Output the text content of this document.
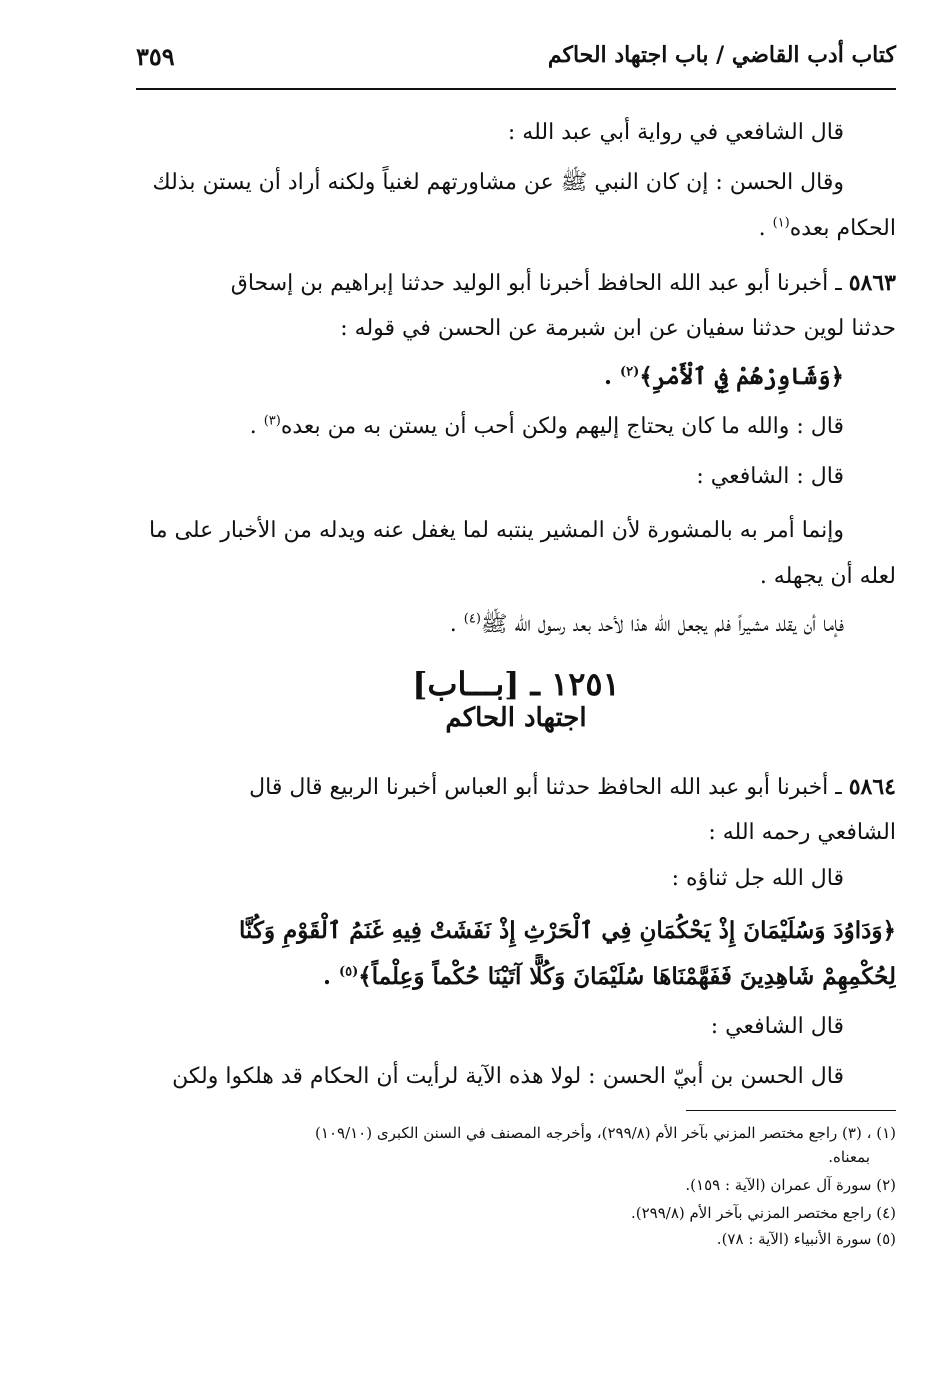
كتاب أدب القاضي / باب اجتهاد الحاكم
٣٥٩
قال الشافعي في رواية أبي عبد الله :
وقال الحسن : إن كان النبي ﷺ عن مشاورتهم لغنياً ولكنه أراد أن يستن بذلك
الحكام بعده$^{(١)}$ .
٥٨٦٣ ـ أخبرنا أبو عبد الله الحافظ أخبرنا أبو الوليد حدثنا إبراهيم بن إسحاق
حدثنا لوين حدثنا سفيان عن ابن شبرمة عن الحسن في قوله :
﴿وَشَاوِرْهُمْ فِي ٱلْأَمْرِ﴾$^{(٢)}$ .
قال : والله ما كان يحتاج إليهم ولكن أحب أن يستن به من بعده$^{(٣)}$ .
قال : الشافعي :
وإنما أمر به بالمشورة لأن المشير ينتبه لما يغفل عنه ويدله من الأخبار على ما
لعله أن يجهله .
فإما أن يقلد مشيراً فلم يجعل الله هذا لأحد بعد رسول الله ﷺ$^{(٤)}$ .
١٢٥١ ـ [بـــاب]
اجتهاد الحاكم
٥٨٦٤ ـ أخبرنا أبو عبد الله الحافظ حدثنا أبو العباس أخبرنا الربيع قال قال
الشافعي رحمه الله :
قال الله جل ثناؤه :
﴿وَدَاوُدَ وَسُلَيْمَانَ إِذْ يَحْكُمَانِ فِي ٱلْحَرْثِ إِذْ نَفَشَتْ فِيهِ غَنَمُ ٱلْقَوْمِ وَكُنَّا
لِحُكْمِهِمْ شَاهِدِينَ فَفَهَّمْنَاهَا سُلَيْمَانَ وَكُلًّا آتَيْنَا حُكْماً وَعِلْماً﴾$^{(٥)}$ .
قال الشافعي :
قال الحسن بن أبيّ الحسن : لولا هذه الآية لرأيت أن الحكام قد هلكوا ولكن
(١) ، (٣) راجع مختصر المزني بآخر الأم (٢٩٩/٨)، وأخرجه المصنف في السنن الكبرى (١٠٩/١٠)
بمعناه.
(٢) سورة آل عمران (الآية : ١٥٩).
(٤) راجع مختصر المزني بآخر الأم (٢٩٩/٨).
(٥) سورة الأنبياء (الآية : ٧٨).
